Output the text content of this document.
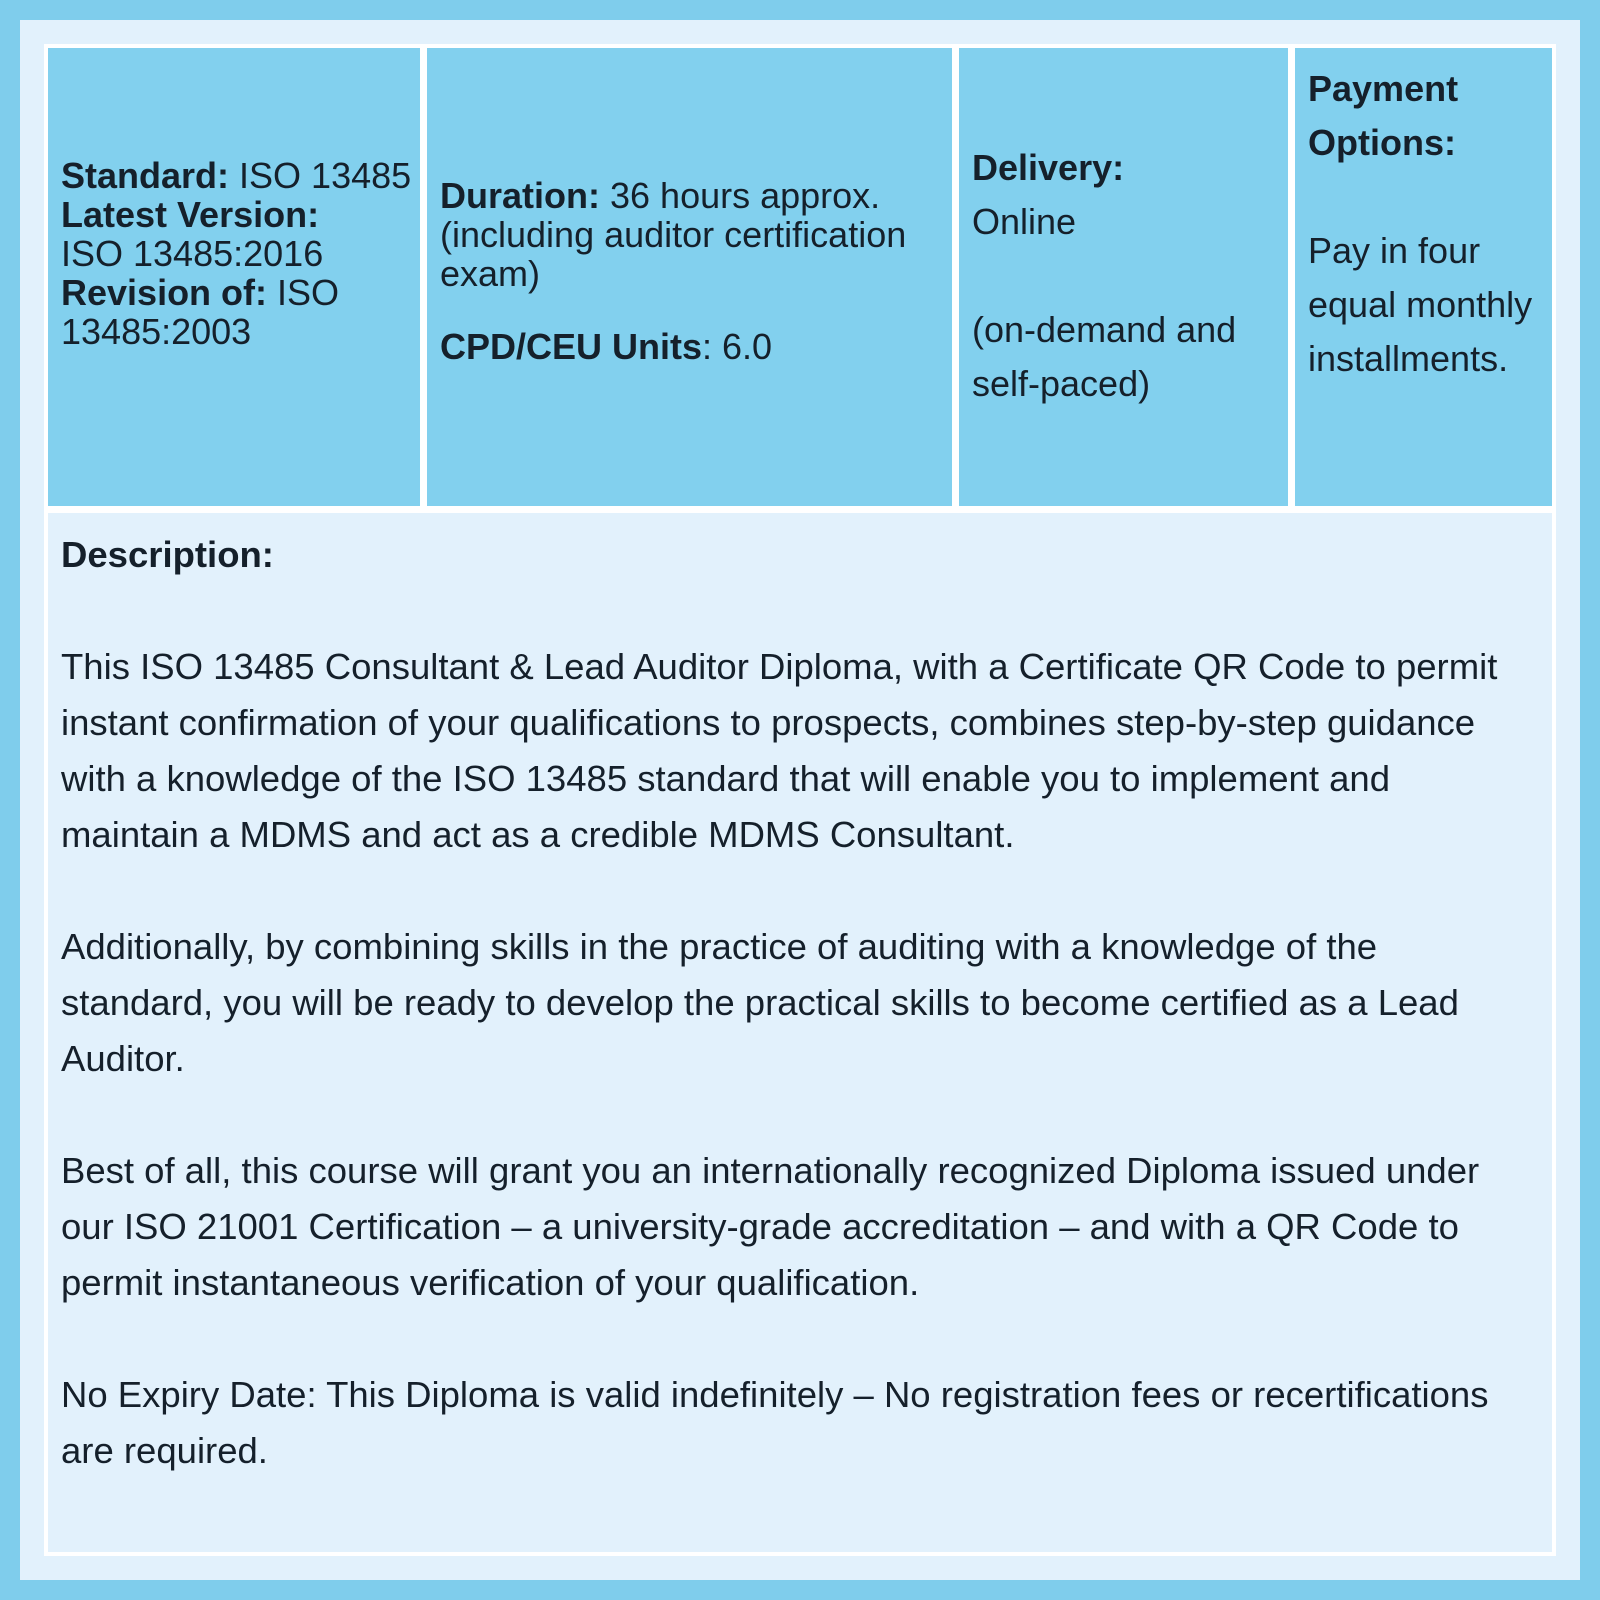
Standard: ISO 13485
Latest Version:
ISO 13485:2016
Revision of: ISO 13485:2003
Duration: 36 hours approx. (including auditor certification exam)
CPD/CEU Units: 6.0
Delivery:
Online
(on-demand and self-paced)
Payment Options:
Pay in four equal monthly installments.
Description:

This ISO 13485 Consultant & Lead Auditor Diploma, with a Certificate QR Code to permit instant confirmation of your qualifications to prospects, combines step-by-step guidance with a knowledge of the ISO 13485 standard that will enable you to implement and maintain a MDMS and act as a credible MDMS Consultant.

Additionally, by combining skills in the practice of auditing with a knowledge of the standard, you will be ready to develop the practical skills to become certified as a Lead Auditor.

Best of all, this course will grant you an internationally recognized Diploma issued under our ISO 21001 Certification – a university-grade accreditation – and with a QR Code to permit instantaneous verification of your qualification.

No Expiry Date: This Diploma is valid indefinitely – No registration fees or recertifications are required.
